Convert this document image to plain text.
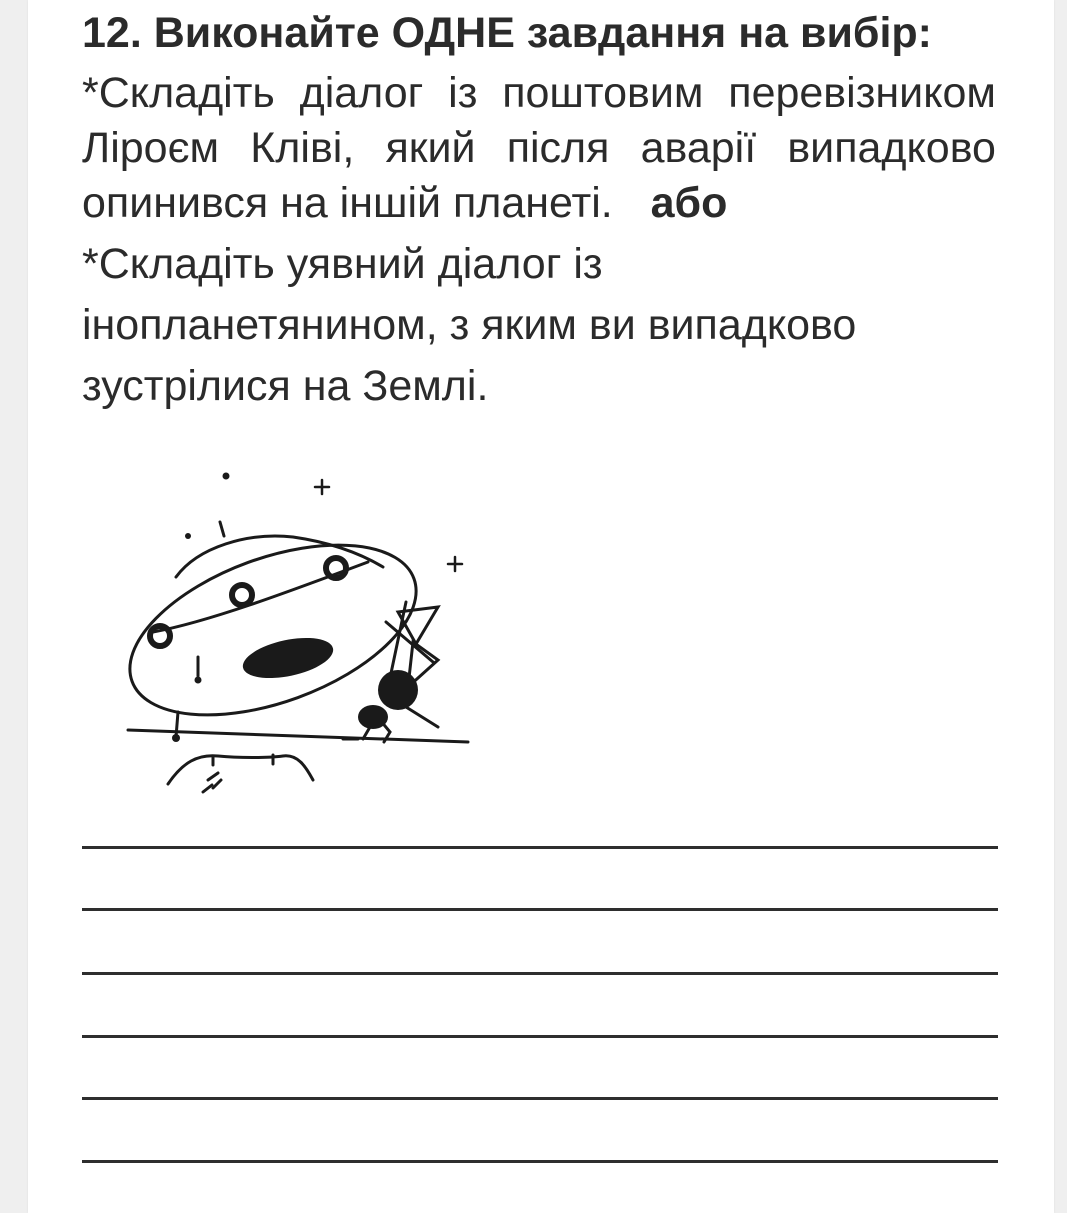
12. Виконайте ОДНЕ завдання на вибір:
*Складіть діалог із поштовим перевізником
Ліроєм Кліві, який після аварії випадково
опинився на іншій планеті. або
*Складіть уявний діалог із
інопланетянином, з яким ви випадково
зустрілися на Землі.
